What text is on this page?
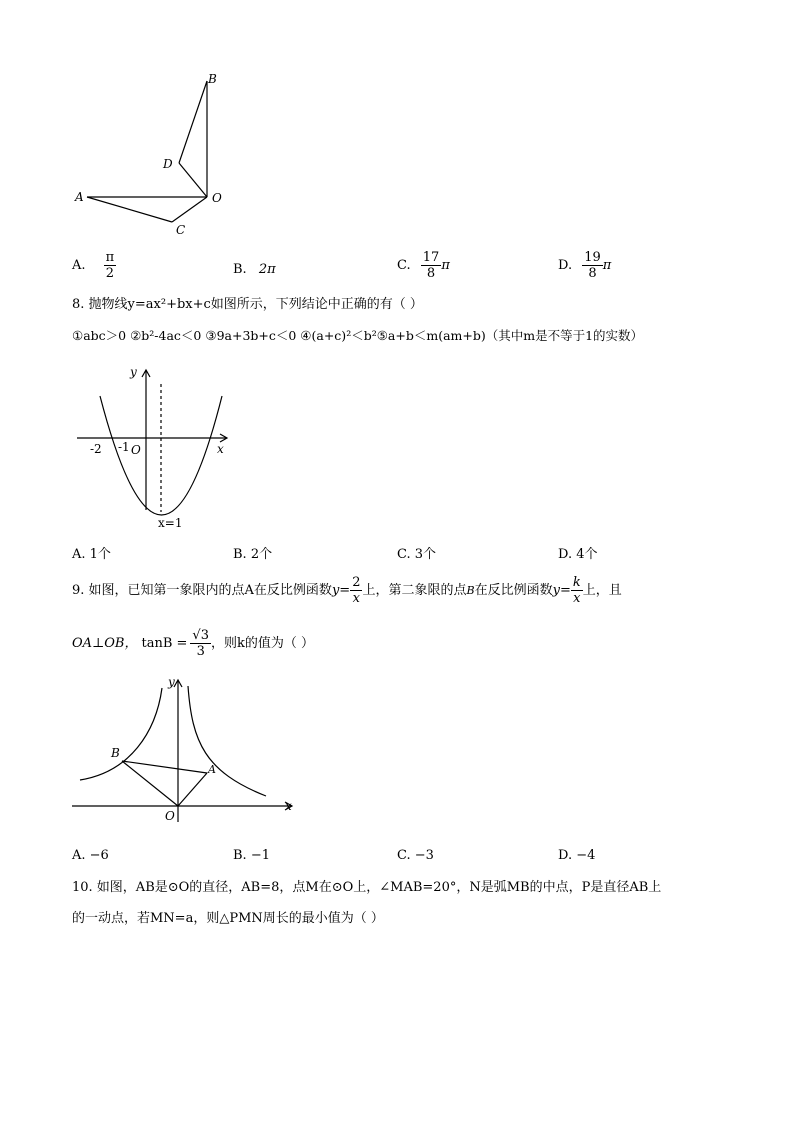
B
D
A	O
C
A. $\frac{\pi}{2}$	B. 2π	C. $\frac{17}{8}$ π	D. $\frac{19}{8}$ π
8. 抛物线y=ax²+bx+c如图所示，下列结论中正确的有（ ）
①abc＞0 ②b²-4ac＜0 ③9a+3b+c＜0 ④(a+c)²＜b²⑤a+b＜m(am+b)（其中m是不等于1的实数）
y
x
-2 -1 O
x=1
A. 1个	B. 2个	C. 3个	D. 4个
9. 如图，已知第一象限内的点A在反比例函数$y= \frac{2}{x}$ 上，第二象限的点B在反比例函数$y= \frac{k}{x}$ 上，且
OA⊥OB， $\tan B = \frac{√3}{3}$ ，则k的值为（ ）
y
x
B
A
O
A. −6	B. −1	C. −3	D. −4
10. 如图，AB是⊙O的直径，AB=8，点M在⊙O上，∠MAB=20°，N是弧MB的中点，P是直径AB上
的一动点，若MN=a，则△PMN周长的最小值为（ ）
